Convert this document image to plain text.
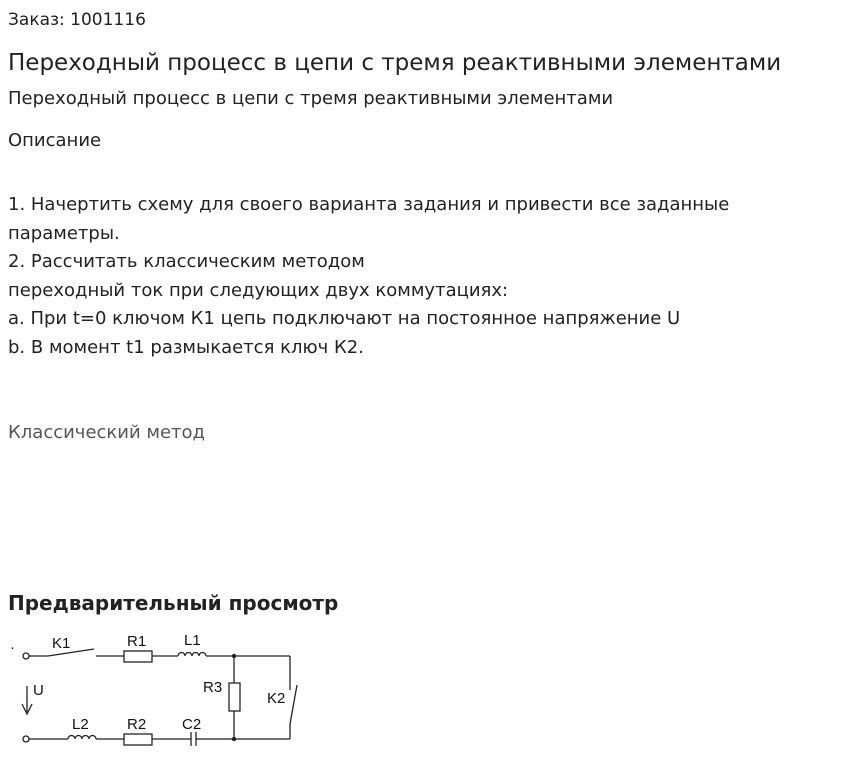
Заказ: 1001116
Переходный процесс в цепи с тремя реактивными элементами
Переходный процесс в цепи с тремя реактивными элементами
Описание
1. Начертить схему для своего варианта задания и привести все заданные
параметры.
2. Рассчитать классическим методом
переходный ток при следующих двух коммутациях:
a. При t=0 ключом К1 цепь подключают на постоянное напряжение U
b. В момент t1 размыкается ключ К2.
Классический метод
Предварительный просмотр
· K1	R1	L1
R3
K2
U
L2	R2 C2
